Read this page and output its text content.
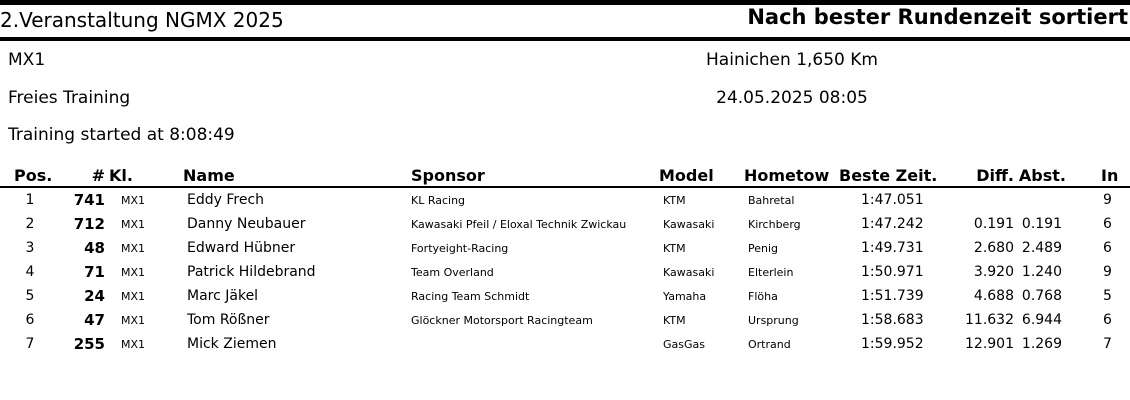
2.Veranstaltung NGMX 2025	Nach bester Rundenzeit sortiert
MX1
Freies Training
Training started at 8:08:49
Hainichen 1,650 Km
24.05.2025 08:05
Pos.	#	Kl.	Name	Sponsor	Model	Hometow	Beste Zeit.	Diff.	Abst.	In
1	741	MX1	Eddy Frech	KL Racing	KTM	Bahretal	1:47.051			9
2	712	MX1	Danny Neubauer	Kawasaki Pfeil / Eloxal Technik Zwickau	Kawasaki	Kirchberg	1:47.242	0.191	0.191	6
3	48	MX1	Edward Hübner	Fortyeight-Racing	KTM	Penig	1:49.731	2.680	2.489	6
4	71	MX1	Patrick Hildebrand	Team Overland	Kawasaki	Elterlein	1:50.971	3.920	1.240	9
5	24	MX1	Marc Jäkel	Racing Team Schmidt	Yamaha	Flöha	1:51.739	4.688	0.768	5
6	47	MX1	Tom Rößner	Glöckner Motorsport Racingteam	KTM	Ursprung	1:58.683	11.632	6.944	6
7	255	MX1	Mick Ziemen		GasGas	Ortrand	1:59.952	12.901	1.269	7
